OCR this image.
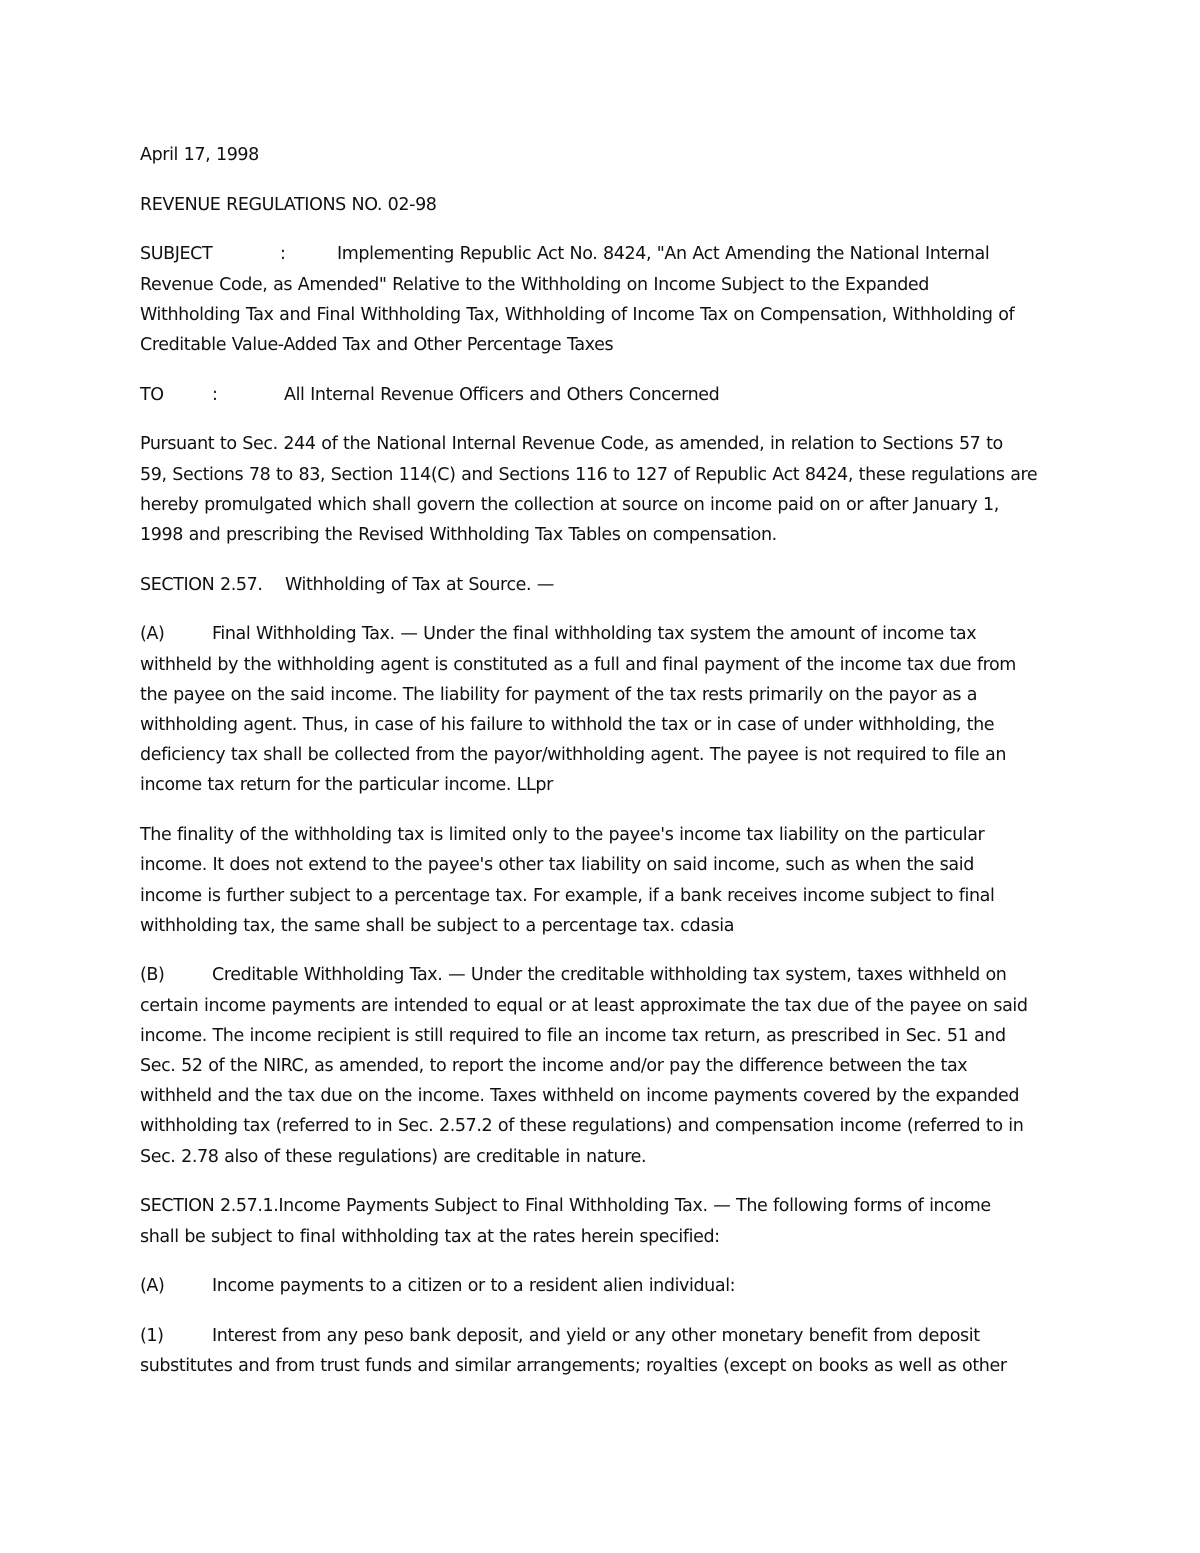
April 17, 1998

REVENUE REGULATIONS NO. 02-98

SUBJECT	:	Implementing Republic Act No. 8424, "An Act Amending the National Internal

Revenue Code, as Amended" Relative to the Withholding on Income Subject to the Expanded

Withholding Tax and Final Withholding Tax, Withholding of Income Tax on Compensation, Withholding of

Creditable Value-Added Tax and Other Percentage Taxes

TO	:	All Internal Revenue Officers and Others Concerned

Pursuant to Sec. 244 of the National Internal Revenue Code, as amended, in relation to Sections 57 to

59, Sections 78 to 83, Section 114(C) and Sections 116 to 127 of Republic Act 8424, these regulations are

hereby promulgated which shall govern the collection at source on income paid on or after January 1,

1998 and prescribing the Revised Withholding Tax Tables on compensation.

SECTION 2.57. Withholding of Tax at Source. —

(A)	Final Withholding Tax. — Under the final withholding tax system the amount of income tax

withheld by the withholding agent is constituted as a full and final payment of the income tax due from

the payee on the said income. The liability for payment of the tax rests primarily on the payor as a

withholding agent. Thus, in case of his failure to withhold the tax or in case of under withholding, the

deficiency tax shall be collected from the payor/withholding agent. The payee is not required to file an

income tax return for the particular income. LLpr

The finality of the withholding tax is limited only to the payee's income tax liability on the particular

income. It does not extend to the payee's other tax liability on said income, such as when the said

income is further subject to a percentage tax. For example, if a bank receives income subject to final

withholding tax, the same shall be subject to a percentage tax. cdasia

(B)	Creditable Withholding Tax. — Under the creditable withholding tax system, taxes withheld on

certain income payments are intended to equal or at least approximate the tax due of the payee on said

income. The income recipient is still required to file an income tax return, as prescribed in Sec. 51 and

Sec. 52 of the NIRC, as amended, to report the income and/or pay the difference between the tax

withheld and the tax due on the income. Taxes withheld on income payments covered by the expanded

withholding tax (referred to in Sec. 2.57.2 of these regulations) and compensation income (referred to in

Sec. 2.78 also of these regulations) are creditable in nature.

SECTION 2.57.1.Income Payments Subject to Final Withholding Tax. — The following forms of income

shall be subject to final withholding tax at the rates herein specified:

(A)	Income payments to a citizen or to a resident alien individual:

(1)	Interest from any peso bank deposit, and yield or any other monetary benefit from deposit

substitutes and from trust funds and similar arrangements; royalties (except on books as well as other
